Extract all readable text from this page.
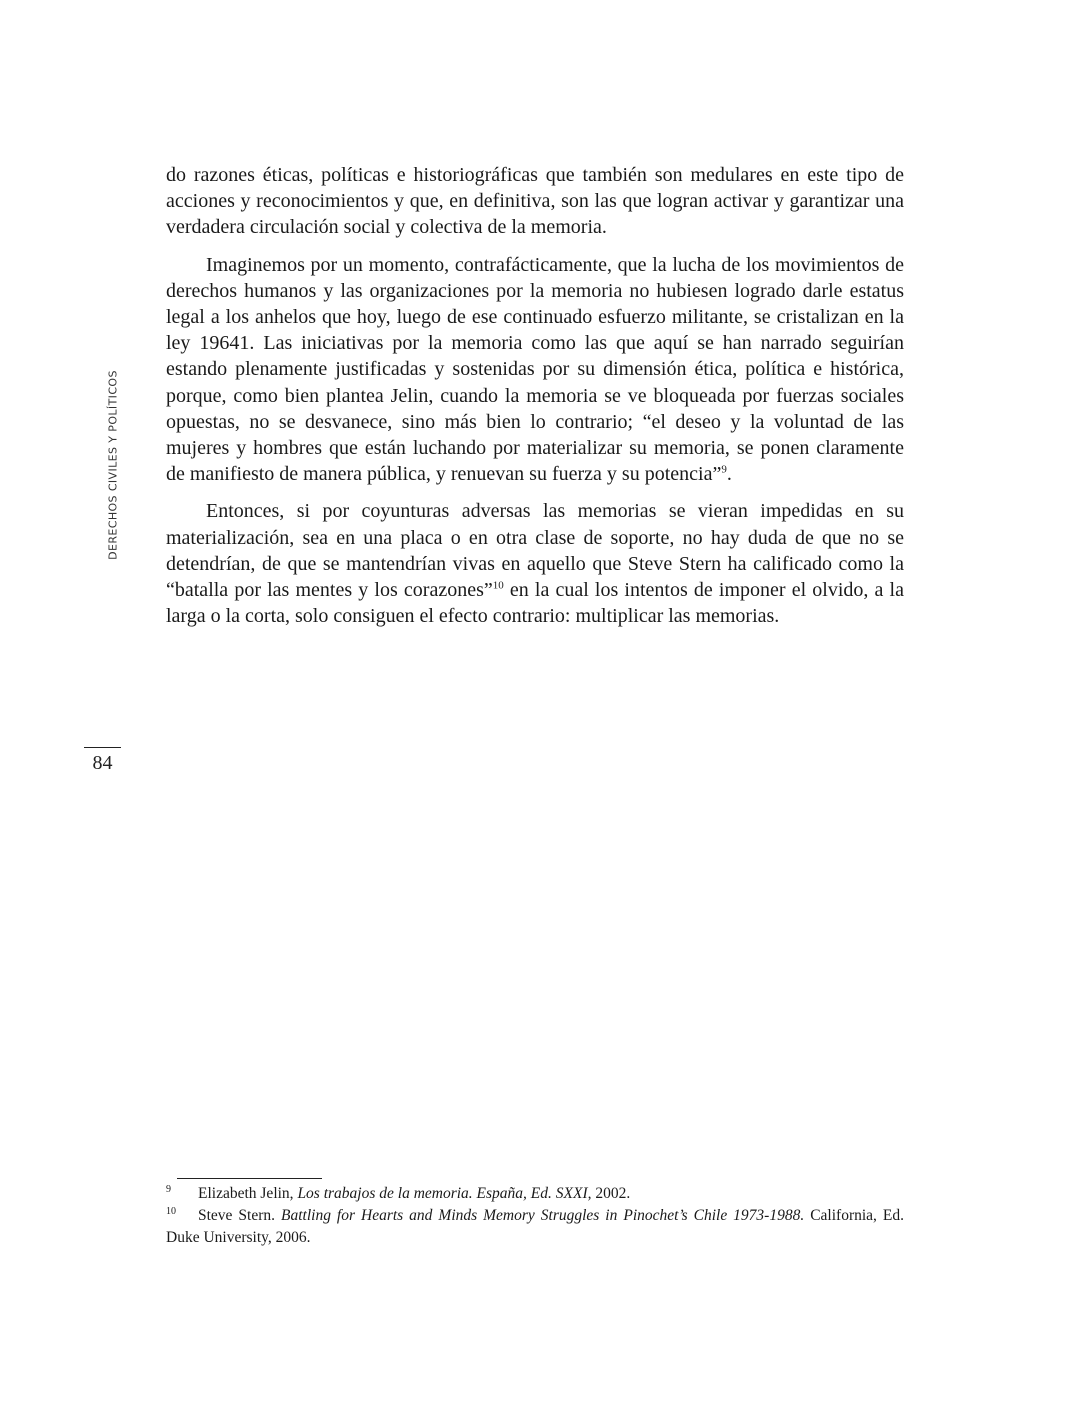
DERECHOS CIVILES Y POLÍTICOS

do razones éticas, políticas e historiográficas que también son medulares en este tipo de acciones y reconocimientos y que, en definitiva, son las que logran activar y garantizar una verdadera circulación social y colectiva de la memoria.

Imaginemos por un momento, contrafácticamente, que la lucha de los movimientos de derechos humanos y las organizaciones por la memoria no hubiesen logrado darle estatus legal a los anhelos que hoy, luego de ese continuado esfuerzo militante, se cristalizan en la ley 19641. Las iniciativas por la memoria como las que aquí se han narrado seguirían estando plenamente justificadas y sostenidas por su dimensión ética, política e histórica, porque, como bien plantea Jelin, cuando la memoria se ve bloqueada por fuerzas sociales opuestas, no se desvanece, sino más bien lo contrario; “el deseo y la voluntad de las mujeres y hombres que están luchando por materializar su memoria, se ponen claramente de manifiesto de manera pública, y renuevan su fuerza y su potencia”$^9$.

Entonces, si por coyunturas adversas las memorias se vieran impedidas en su materialización, sea en una placa o en otra clase de soporte, no hay duda de que no se detendrían, de que se mantendrían vivas en aquello que Steve Stern ha calificado como la “batalla por las mentes y los corazones”$^{10}$ en la cual los intentos de imponer el olvido, a la larga o la corta, solo consiguen el efecto contrario: multiplicar las memorias.

84

9 Elizabeth Jelin, Los trabajos de la memoria. España, Ed. SXXI, 2002.

10 Steve Stern. Battling for Hearts and Minds Memory Struggles in Pinochet’s Chile 1973-1988. California, Ed. Duke University, 2006.
